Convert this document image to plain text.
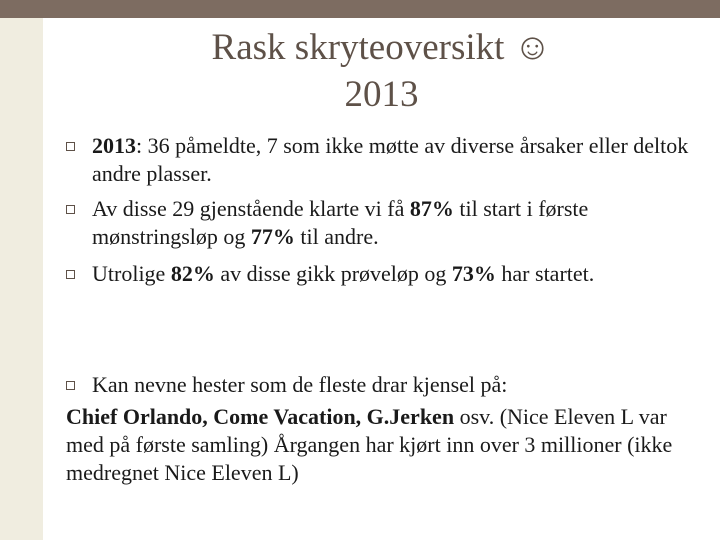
Rask skryteoversikt ☺
2013
2013: 36 påmeldte, 7 som ikke møtte av diverse årsaker eller deltok andre plasser.
Av disse 29 gjenstående klarte vi få 87% til start i første mønstringsløp og 77% til andre.
Utrolige 82% av disse gikk prøveløp og 73% har startet.
Kan nevne hester som de fleste drar kjensel på:
Chief Orlando, Come Vacation, G.Jerken osv. (Nice Eleven L var med på første samling) Årgangen har kjørt inn over 3 millioner (ikke medregnet Nice Eleven L)
